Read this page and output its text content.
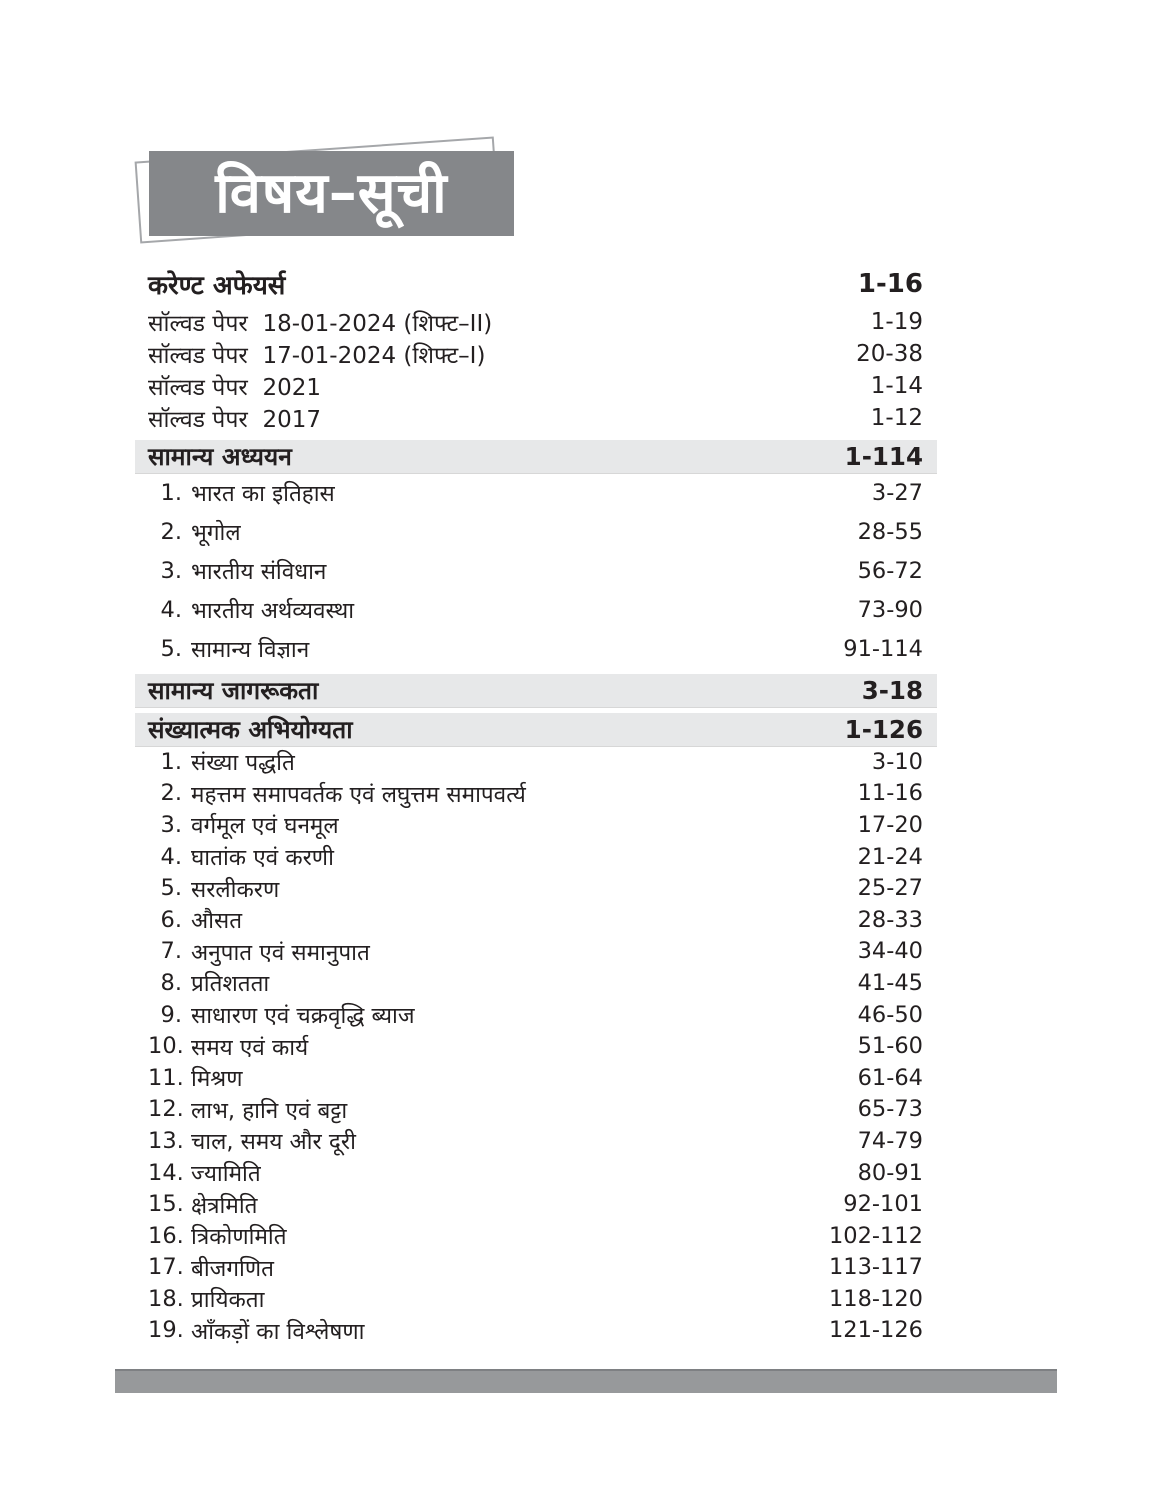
विषय–सूची
करेण्ट अफेयर्स	1-16
सॉल्वड पेपर  18-01-2024 (शिफ्ट–II)	1-19
सॉल्वड पेपर  17-01-2024 (शिफ्ट–I)	20-38
सॉल्वड पेपर  2021	1-14
सॉल्वड पेपर  2017	1-12
सामान्य अध्ययन	1-114
1. भारत का इतिहास	3-27
2. भूगोल	28-55
3. भारतीय संविधान	56-72
4. भारतीय अर्थव्यवस्था	73-90
5. सामान्य विज्ञान	91-114
सामान्य जागरूकता	3-18
संख्यात्मक अभियोग्यता	1-126
1. संख्या पद्धति	3-10
2. महत्तम समापवर्तक एवं लघुत्तम समापवर्त्य	11-16
3. वर्गमूल एवं घनमूल	17-20
4. घातांक एवं करणी	21-24
5. सरलीकरण	25-27
6. औसत	28-33
7. अनुपात एवं समानुपात	34-40
8. प्रतिशतता	41-45
9. साधारण एवं चक्रवृद्धि ब्याज	46-50
10. समय एवं कार्य	51-60
11. मिश्रण	61-64
12. लाभ, हानि एवं बट्टा	65-73
13. चाल, समय और दूरी	74-79
14. ज्यामिति	80-91
15. क्षेत्रमिति	92-101
16. त्रिकोणमिति	102-112
17. बीजगणित	113-117
18. प्रायिकता	118-120
19. आँकड़ों का विश्लेषणा	121-126
